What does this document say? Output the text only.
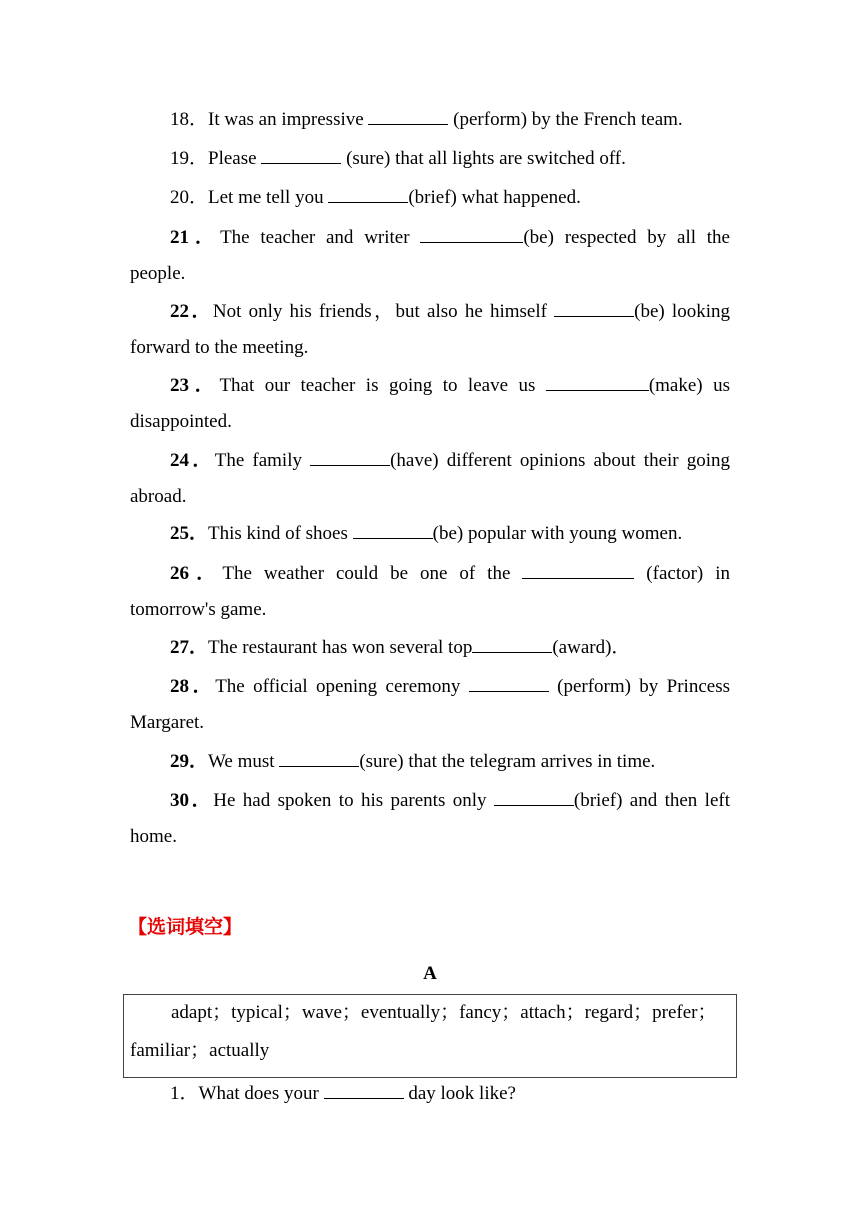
18．It was an impressive	(perform) by the French team.
19．Please	(sure) that all lights are switched off.
20．Let me tell you	(brief) what happened.
21．The teacher and writer	(be) respected by all the
people.
22．Not only his friends，but also he himself	(be) looking
forward to the meeting.
23．That our teacher is going to leave us	(make) us
disappointed.
24．The family	(have) different opinions about their going
abroad.
25．This kind of shoes	(be) popular with young women.
26．The weather could be one of the	(factor) in
tomorrow's game.
27．The restaurant has won several top	(award)．
28．The official opening ceremony	(perform) by Princess
Margaret.
29．We must	(sure) that the telegram arrives in time.
30．He had spoken to his parents only	(brief) and then left
home.
【选词填空】
A
adapt；typical；wave；eventually；fancy；attach；regard；prefer；
familiar；actually
1．What does your	day look like?
